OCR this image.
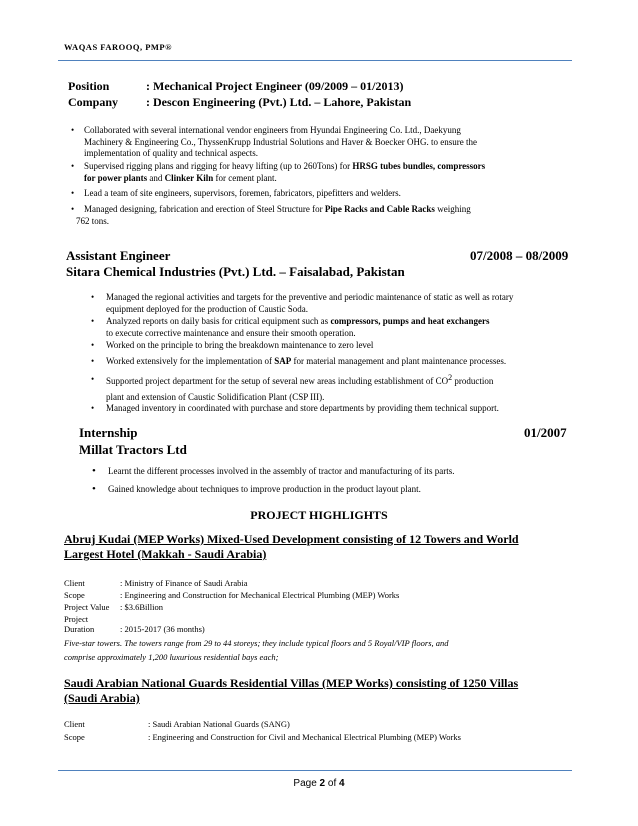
WAQAS FAROOQ, PMP®
Position	: Mechanical Project Engineer (09/2009 – 01/2013)
Company : Descon Engineering (Pvt.) Ltd. – Lahore, Pakistan
• Collaborated with several international vendor engineers from Hyundai Engineering Co. Ltd., Daekyung
Machinery & Engineering Co., ThyssenKrupp Industrial Solutions and Haver & Boecker OHG. to ensure the
implementation of quality and technical aspects.
• Supervised rigging plans and rigging for heavy lifting (up to 260Tons) for HRSG tubes bundles, compressors
for power plants and Clinker Kiln for cement plant.
• Lead a team of site engineers, supervisors, foremen, fabricators, pipefitters and welders.
• Managed designing, fabrication and erection of Steel Structure for Pipe Racks and Cable Racks weighing
762 tons.
Assistant Engineer	07/2008 – 08/2009
Sitara Chemical Industries (Pvt.) Ltd. – Faisalabad, Pakistan
• Managed the regional activities and targets for the preventive and periodic maintenance of static as well as rotary
equipment deployed for the production of Caustic Soda.
• Analyzed reports on daily basis for critical equipment such as compressors, pumps and heat exchangers
to execute corrective maintenance and ensure their smooth operation.
• Worked on the principle to bring the breakdown maintenance to zero level
• Worked extensively for the implementation of SAP for material management and plant maintenance processes.
• Supported project department for the setup of several new areas including establishment of $CO^2$ production
plant and extension of Caustic Solidification Plant (CSP III).
• Managed inventory in coordinated with purchase and store departments by providing them technical support.
Internship	01/2007
Millat Tractors Ltd
• Learnt the different processes involved in the assembly of tractor and manufacturing of its parts.
• Gained knowledge about techniques to improve production in the product layout plant.
PROJECT HIGHLIGHTS
Abruj Kudai (MEP Works) Mixed-Used Development consisting of 12 Towers and World
Largest Hotel (Makkah - Saudi Arabia)
Client	: Ministry of Finance of Saudi Arabia
Scope	: Engineering and Construction for Mechanical Electrical Plumbing (MEP) Works
Project Value : $3.6Billion
Project Duration	: 2015-2017 (36 months)
Five-star towers. The towers range from 29 to 44 storeys; they include typical floors and 5 Royal/VIP floors, and
comprise approximately 1,200 luxurious residential bays each;
Saudi Arabian National Guards Residential Villas (MEP Works) consisting of 1250 Villas
(Saudi Arabia)
Client	: Saudi Arabian National Guards (SANG)
Scope	: Engineering and Construction for Civil and Mechanical Electrical Plumbing (MEP) Works
Page 2 of 4
